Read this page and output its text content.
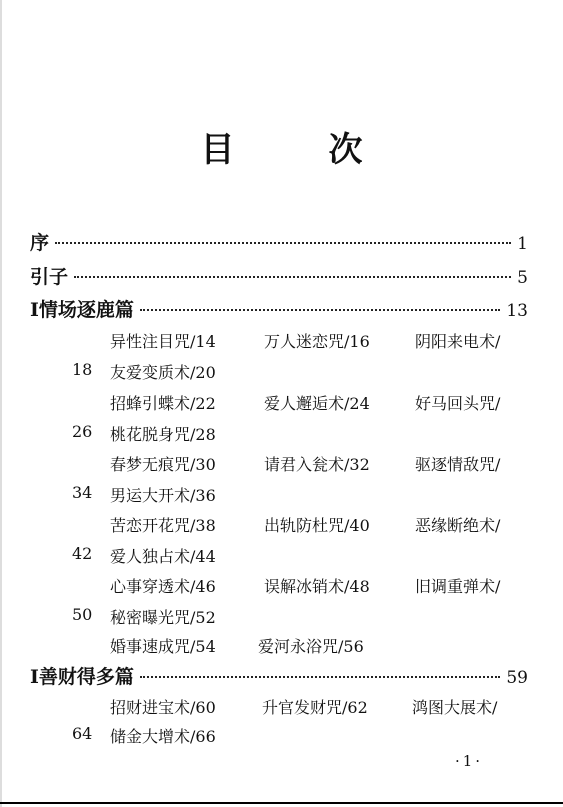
目　次
序	1
引子	5
Ⅰ情场逐鹿篇	13
异性注目咒/14	万人迷恋咒/16	阴阳来电术/
18 友爱变质术/20
招蜂引蝶术/22	爱人邂逅术/24	好马回头咒/
26 桃花脱身咒/28
春梦无痕咒/30	请君入瓮术/32	驱逐情敌咒/
34 男运大开术/36
苦恋开花咒/38	出轨防杜咒/40	恶缘断绝术/
42 爱人独占术/44
心事穿透术/46	误解冰销术/48	旧调重弹术/
50 秘密曝光咒/52
婚事速成咒/54	爱河永浴咒/56
Ⅰ善财得多篇	59
招财进宝术/60	升官发财咒/62	鸿图大展术/
64 储金大增术/66
·1·
